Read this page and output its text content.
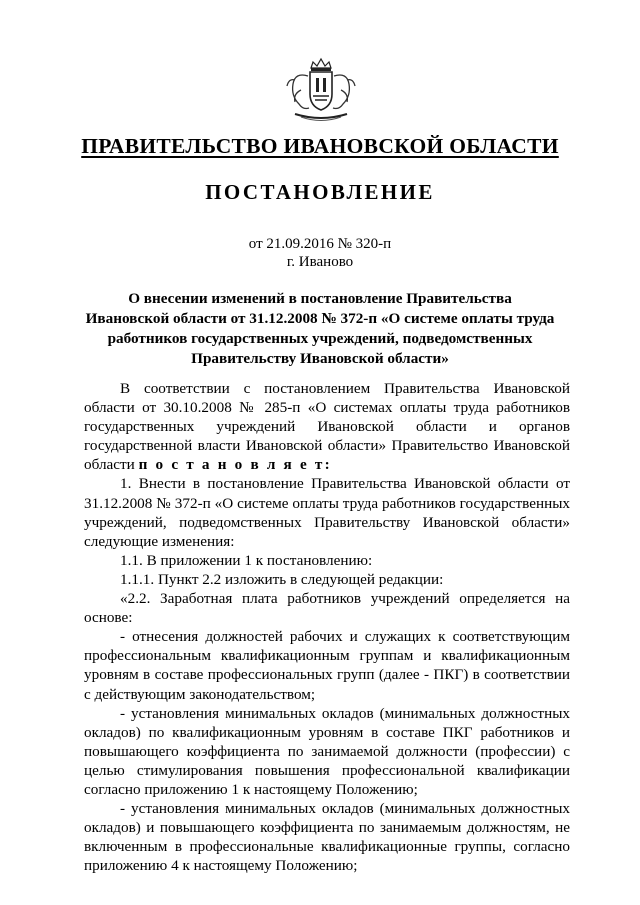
ПРАВИТЕЛЬСТВО ИВАНОВСКОЙ ОБЛАСТИ
ПОСТАНОВЛЕНИЕ
от 21.09.2016 № 320-п
г. Иваново
О внесении изменений в постановление Правительства
Ивановской области от 31.12.2008 № 372-п «О системе оплаты труда
работников государственных учреждений, подведомственных
Правительству Ивановской области»

В соответствии с постановлением Правительства Ивановской области от 30.10.2008 № 285-п «О системах оплаты труда работников государственных учреждений Ивановской области и органов государственной власти Ивановской области» Правительство Ивановской области п о с т а н о в л я е т:

1. Внести в постановление Правительства Ивановской области от 31.12.2008 № 372-п «О системе оплаты труда работников государственных учреждений, подведомственных Правительству Ивановской области» следующие изменения:

1.1. В приложении 1 к постановлению:

1.1.1. Пункт 2.2 изложить в следующей редакции:

«2.2. Заработная плата работников учреждений определяется на основе:

- отнесения должностей рабочих и служащих к соответствующим профессиональным квалификационным группам и квалификационным уровням в составе профессиональных групп (далее - ПКГ) в соответствии с действующим законодательством;

- установления минимальных окладов (минимальных должностных окладов) по квалификационным уровням в составе ПКГ работников и повышающего коэффициента по занимаемой должности (профессии) с целью стимулирования повышения профессиональной квалификации согласно приложению 1 к настоящему Положению;

- установления минимальных окладов (минимальных должностных окладов) и повышающего коэффициента по занимаемым должностям, не включенным в профессиональные квалификационные группы, согласно приложению 4 к настоящему Положению;
